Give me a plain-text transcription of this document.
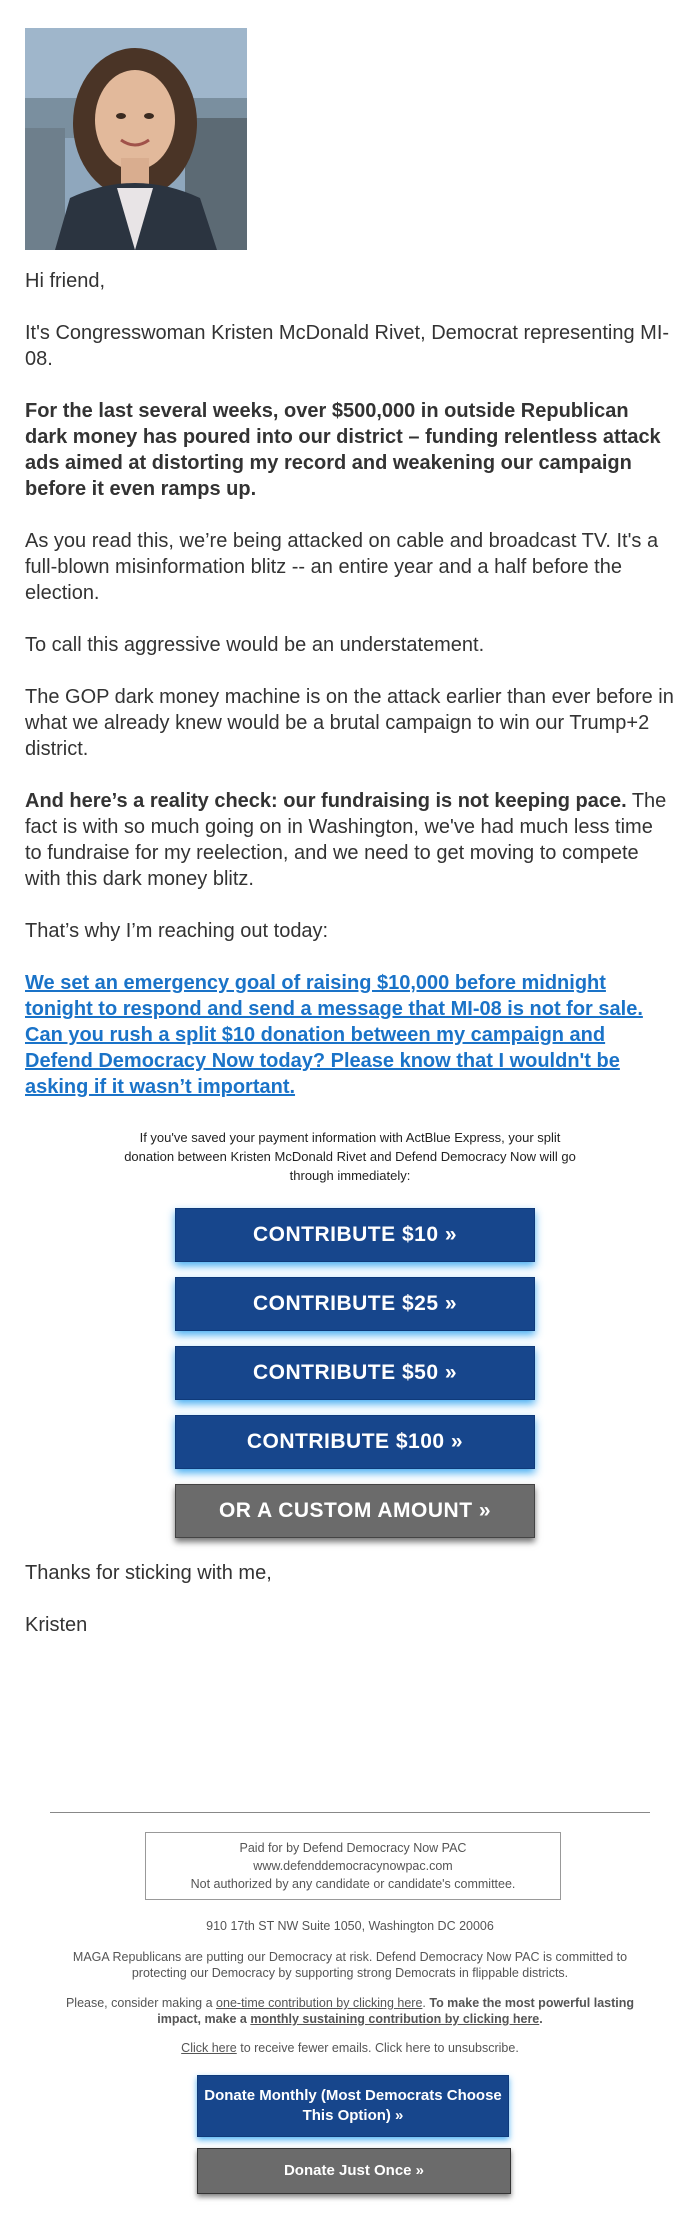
Hi friend,

It's Congresswoman Kristen McDonald Rivet, Democrat representing MI-08.

For the last several weeks, over $500,000 in outside Republican dark money has poured into our district – funding relentless attack ads aimed at distorting my record and weakening our campaign before it even ramps up.

As you read this, we’re being attacked on cable and broadcast TV. It's a full-blown misinformation blitz -- an entire year and a half before the election.

To call this aggressive would be an understatement.

The GOP dark money machine is on the attack earlier than ever before in what we already knew would be a brutal campaign to win our Trump+2 district.

And here’s a reality check: our fundraising is not keeping pace. The fact is with so much going on in Washington, we've had much less time to fundraise for my reelection, and we need to get moving to compete with this dark money blitz.

That’s why I’m reaching out today:

We set an emergency goal of raising $10,000 before midnight tonight to respond and send a message that MI-08 is not for sale. Can you rush a split $10 donation between my campaign and Defend Democracy Now today? Please know that I wouldn't be asking if it wasn’t important.

If you've saved your payment information with ActBlue Express, your split donation between Kristen McDonald Rivet and Defend Democracy Now will go through immediately:
CONTRIBUTE $10 »
CONTRIBUTE $25 »
CONTRIBUTE $50 »
CONTRIBUTE $100 »
OR A CUSTOM AMOUNT »

Thanks for sticking with me,

Kristen

Paid for by Defend Democracy Now PAC
www.defenddemocracynowpac.com
Not authorized by any candidate or candidate's committee.
910 17th ST NW Suite 1050, Washington DC 20006
MAGA Republicans are putting our Democracy at risk. Defend Democracy Now PAC is committed to protecting our Democracy by supporting strong Democrats in flippable districts.
Please, consider making a one-time contribution by clicking here. To make the most powerful lasting impact, make a monthly sustaining contribution by clicking here.
Click here to receive fewer emails. Click here to unsubscribe.
Donate Monthly (Most Democrats Choose This Option) »
Donate Just Once »
